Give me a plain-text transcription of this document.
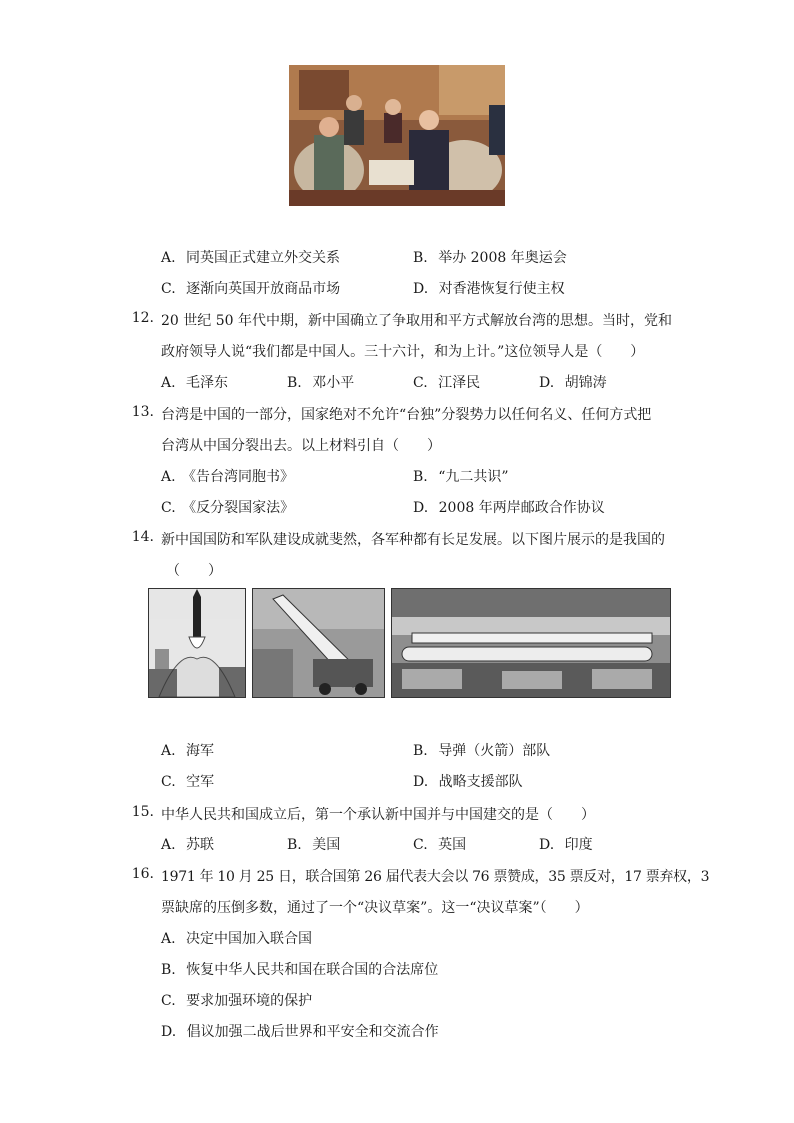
A. 同英国正式建立外交关系	B. 举办 2008 年奥运会
C. 逐渐向英国开放商品市场	D. 对香港恢复行使主权
12. 20 世纪 50 年代中期，新中国确立了争取用和平方式解放台湾的思想。当时，党和
政府领导人说“我们都是中国人。三十六计，和为上计。”这位领导人是（　　）
A. 毛泽东	B. 邓小平	C. 江泽民	D. 胡锦涛
13. 台湾是中国的一部分，国家绝对不允许“台独”分裂势力以任何名义、任何方式把
台湾从中国分裂出去。以上材料引自（　　）
A. 《告台湾同胞书》	B. “九二共识”
C. 《反分裂国家法》	D. 2008 年两岸邮政合作协议
14. 新中国国防和军队建设成就斐然，各军种都有长足发展。以下图片展示的是我国的
（　　）
A. 海军	B. 导弹（火箭）部队
C. 空军	D. 战略支援部队
15. 中华人民共和国成立后，第一个承认新中国并与中国建交的是（　　）
A. 苏联	B. 美国	C. 英国	D. 印度
16. 1971 年 10 月 25 日，联合国第 26 届代表大会以 76 票赞成，35 票反对，17 票弃权，3
票缺席的压倒多数，通过了一个“决议草案”。这一“决议草案”（　　）
A. 决定中国加入联合国
B. 恢复中华人民共和国在联合国的合法席位
C. 要求加强环境的保护
D. 倡议加强二战后世界和平安全和交流合作
